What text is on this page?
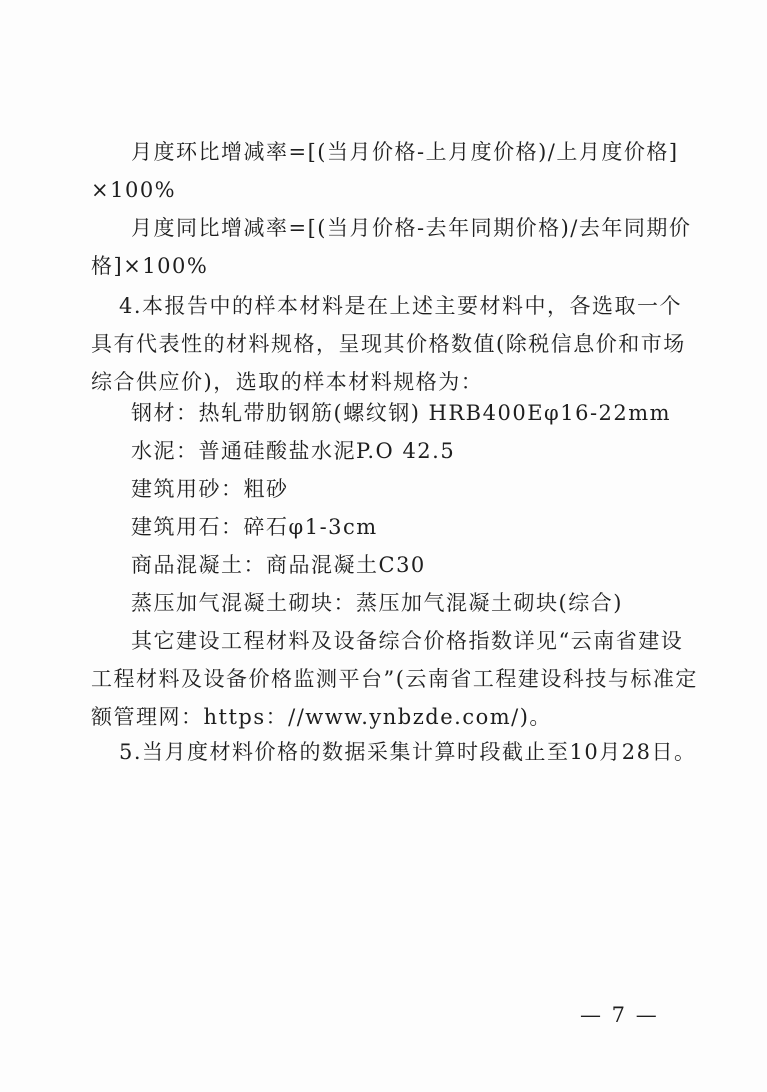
月度环比增减率=[(当月价格-上月度价格)/上月度价格]
×100%
月度同比增减率=[(当月价格-去年同期价格)/去年同期价
格]×100%
4.本报告中的样本材料是在上述主要材料中，各选取一个
具有代表性的材料规格，呈现其价格数值(除税信息价和市场
综合供应价)，选取的样本材料规格为：
钢材：热轧带肋钢筋(螺纹钢) HRB400Eφ16-22mm
水泥：普通硅酸盐水泥P.O 42.5
建筑用砂：粗砂
建筑用石：碎石φ1-3cm
商品混凝土：商品混凝土C30
蒸压加气混凝土砌块：蒸压加气混凝土砌块(综合)
其它建设工程材料及设备综合价格指数详见“云南省建设
工程材料及设备价格监测平台”(云南省工程建设科技与标准定
额管理网：https：//www.ynbzde.com/)。
5.当月度材料价格的数据采集计算时段截止至10月28日。
— 7 —
